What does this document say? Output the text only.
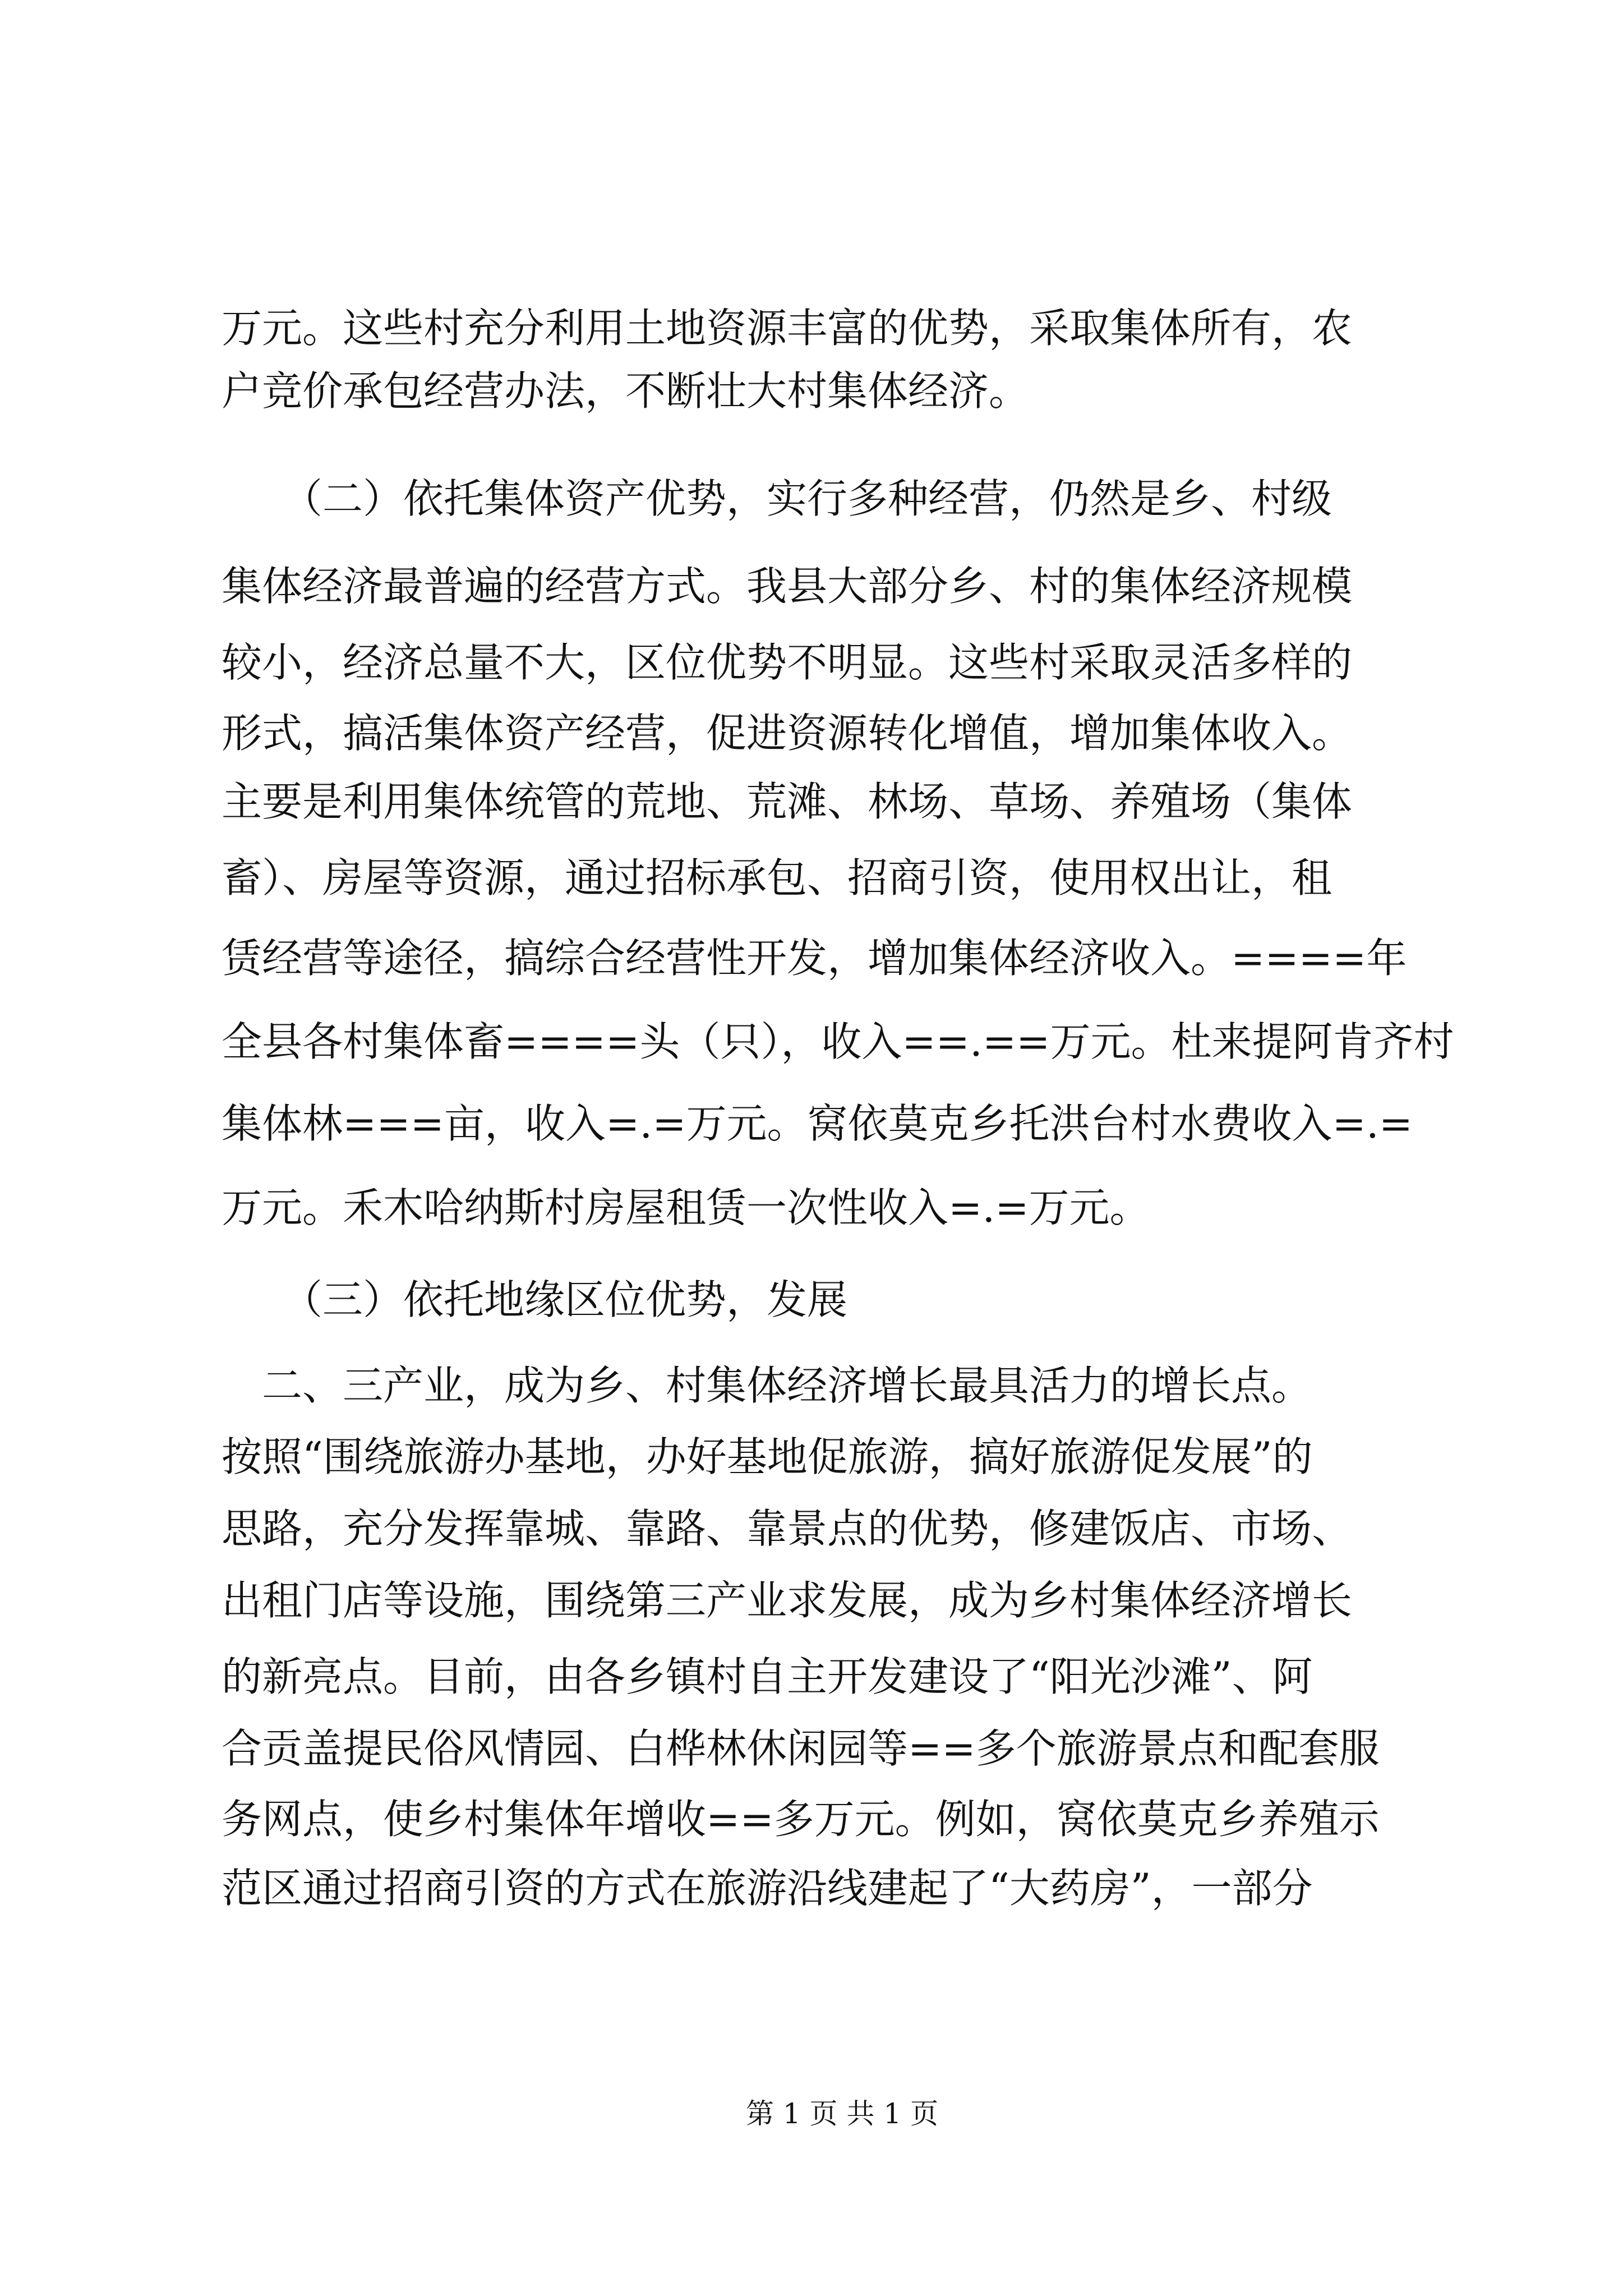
万元。这些村充分利用土地资源丰富的优势，采取集体所有，农
户竞价承包经营办法，不断壮大村集体经济。
　　（二）依托集体资产优势，实行多种经营，仍然是乡、村级
集体经济最普遍的经营方式。我县大部分乡、村的集体经济规模
较小，经济总量不大，区位优势不明显。这些村采取灵活多样的
形式，搞活集体资产经营，促进资源转化增值，增加集体收入。
主要是利用集体统管的荒地、荒滩、林场、草场、养殖场（集体
畜）、房屋等资源，通过招标承包、招商引资，使用权出让，租
赁经营等途径，搞综合经营性开发，增加集体经济收入。====年
全县各村集体畜====头（只），收入==.==万元。杜来提阿肯齐村
集体林===亩，收入=.=万元。窝依莫克乡托洪台村水费收入=.=
万元。禾木哈纳斯村房屋租赁一次性收入=.=万元。
　　（三）依托地缘区位优势，发展
　二、三产业，成为乡、村集体经济增长最具活力的增长点。
按照“围绕旅游办基地，办好基地促旅游，搞好旅游促发展”的
思路，充分发挥靠城、靠路、靠景点的优势，修建饭店、市场、
出租门店等设施，围绕第三产业求发展，成为乡村集体经济增长
的新亮点。目前，由各乡镇村自主开发建设了“阳光沙滩”、阿
合贡盖提民俗风情园、白桦林休闲园等==多个旅游景点和配套服
务网点，使乡村集体年增收==多万元。例如，窝依莫克乡养殖示
范区通过招商引资的方式在旅游沿线建起了“大药房”，一部分
第 1 页 共 1 页
